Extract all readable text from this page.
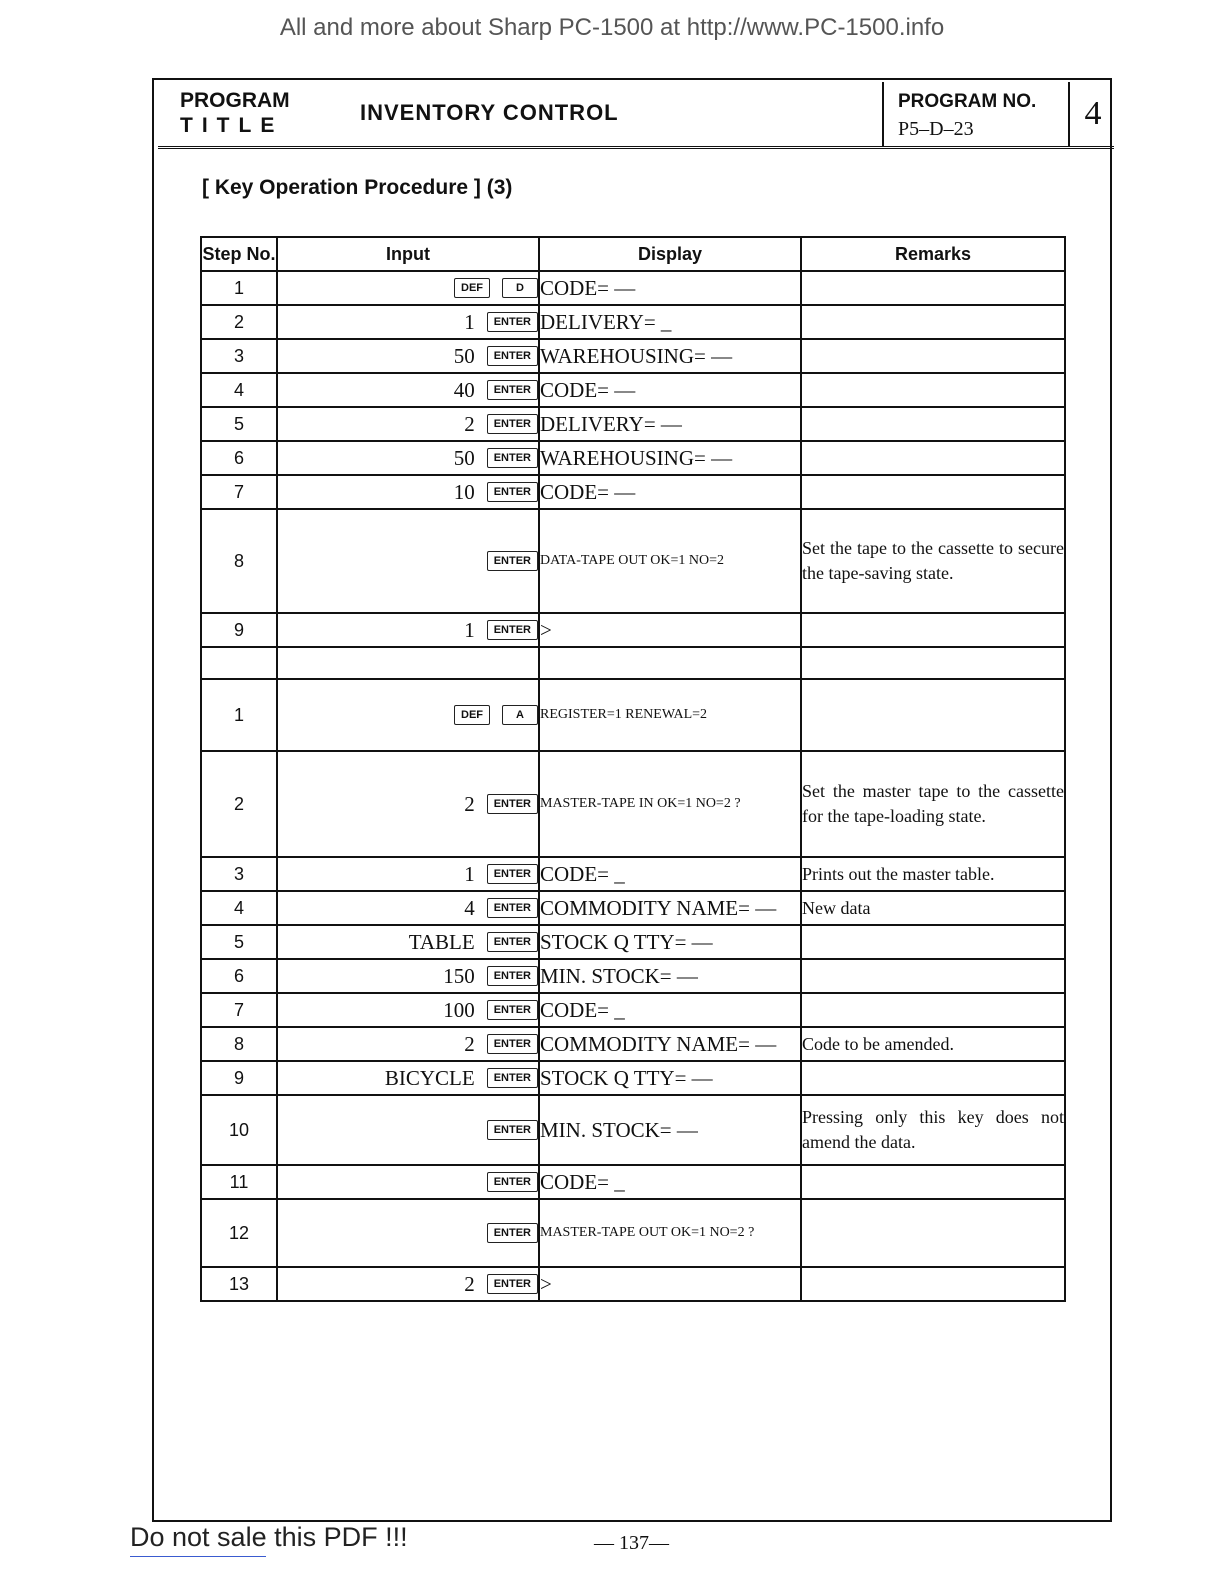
All and more about Sharp PC-1500 at http://www.PC-1500.info
PROGRAM
TITLE
INVENTORY CONTROL	PROGRAM NO.
P5–D–23	4
[ Key Operation Procedure ] (3)
Step No.	Input	Display	Remarks
1	DEF D	CODE= —	
2	1 ENTER	DELIVERY= _	
3	50 ENTER	WAREHOUSING= —	
4	40 ENTER	CODE= —	
5	2 ENTER	DELIVERY= —	
6	50 ENTER	WAREHOUSING= —	
7	10 ENTER	CODE= —	
8	ENTER	DATA-TAPE OUT OK=1 NO=2	Set the tape to the cassette to secure the tape-saving state.
9	1 ENTER	>	

1	DEF A	REGISTER=1 RENEWAL=2	
2	2 ENTER	MASTER-TAPE IN OK=1 NO=2 ?	Set the master tape to the cassette for the tape-loading state.
3	1 ENTER	CODE= _	Prints out the master table.
4	4 ENTER	COMMODITY NAME= —	New data
5	TABLE ENTER	STOCK Q TTY= —	
6	150 ENTER	MIN. STOCK= —	
7	100 ENTER	CODE= _	
8	2 ENTER	COMMODITY NAME= —	Code to be amended.
9	BICYCLE ENTER	STOCK Q TTY= —	
10	ENTER	MIN. STOCK= —	Pressing only this key does not amend the data.
11	ENTER	CODE= _	
12	ENTER	MASTER-TAPE OUT OK=1 NO=2 ?	
13	2 ENTER	>	
Do not sale this PDF !!!	— 137—
